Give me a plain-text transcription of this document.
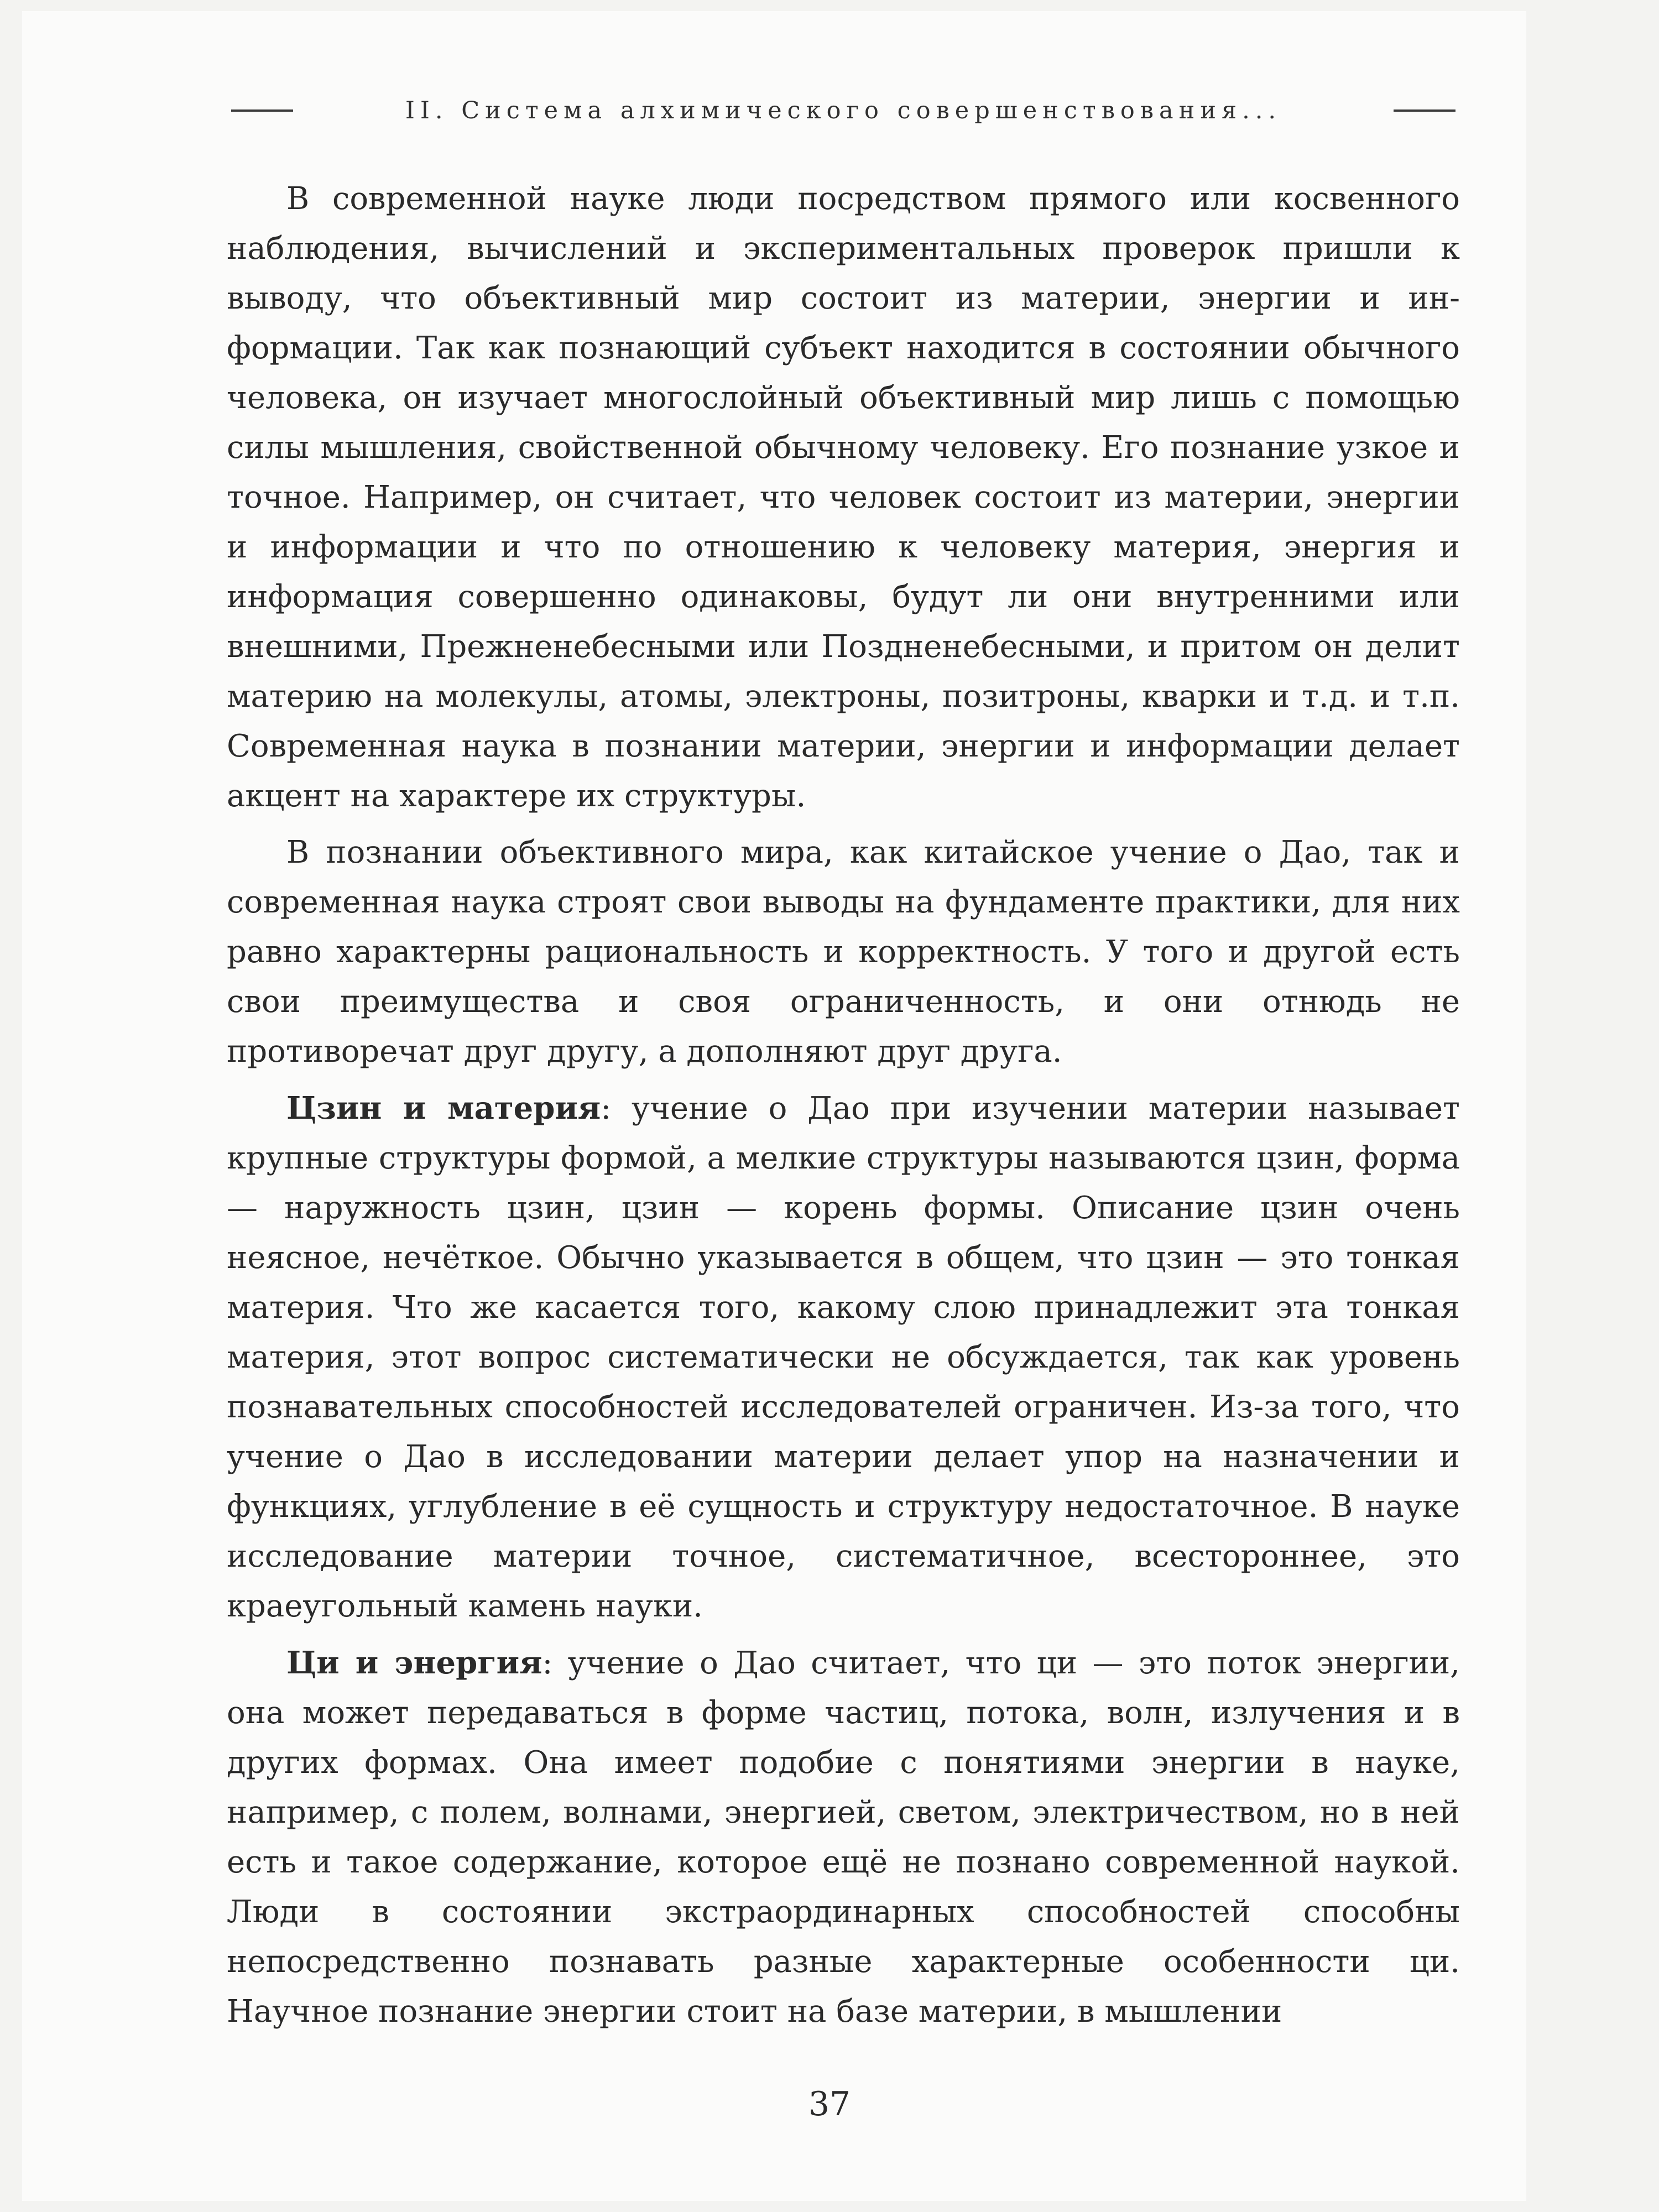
II. Система алхимического совершенствования...

В современной науке люди посредством прямого или косвенного наблюдения, вычислений и экспериментальных проверок пришли к выводу, что объективный мир состоит из материи, энергии и информации. Так как познающий субъект находится в состоянии обычного человека, он изучает многослойный объективный мир лишь с помощью силы мышления, свойственной обычному человеку. Его познание узкое и точное. Например, он считает, что человек состоит из материи, энергии и информации и что по отношению к человеку материя, энергия и информация совершенно одинаковы, будут ли они внутренними или внешними, Прежненебесными или Поздненебесными, и притом он делит материю на молекулы, атомы, электроны, позитроны, кварки и т.д. и т.п. Современная наука в познании материи, энергии и информации делает акцент на характере их структуры.

В познании объективного мира, как китайское учение о Дао, так и современная наука строят свои выводы на фундаменте практики, для них равно характерны рациональность и корректность. У того и другой есть свои преимущества и своя ограниченность, и они отнюдь не противоречат друг другу, а дополняют друг друга.

Цзин и материя: учение о Дао при изучении материи называет крупные структуры формой, а мелкие структуры называются цзин, форма — наружность цзин, цзин — корень формы. Описание цзин очень неясное, нечёткое. Обычно указывается в общем, что цзин — это тонкая материя. Что же касается того, какому слою принадлежит эта тонкая материя, этот вопрос систематически не обсуждается, так как уровень познавательных способностей исследователей ограничен. Из-за того, что учение о Дао в исследовании материи делает упор на назначении и функциях, углубление в её сущность и структуру недостаточное. В науке исследование материи точное, систематичное, всестороннее, это краеугольный камень науки.

Ци и энергия: учение о Дао считает, что ци — это поток энергии, она может передаваться в форме частиц, потока, волн, излучения и в других формах. Она имеет подобие с понятиями энергии в науке, например, с полем, волнами, энергией, светом, электричеством, но в ней есть и такое содержание, которое ещё не познано современной наукой. Люди в состоянии экстраординарных способностей способны непосредственно познавать разные характерные особенности ци. Научное познание энергии стоит на базе материи, в мышлении

37
